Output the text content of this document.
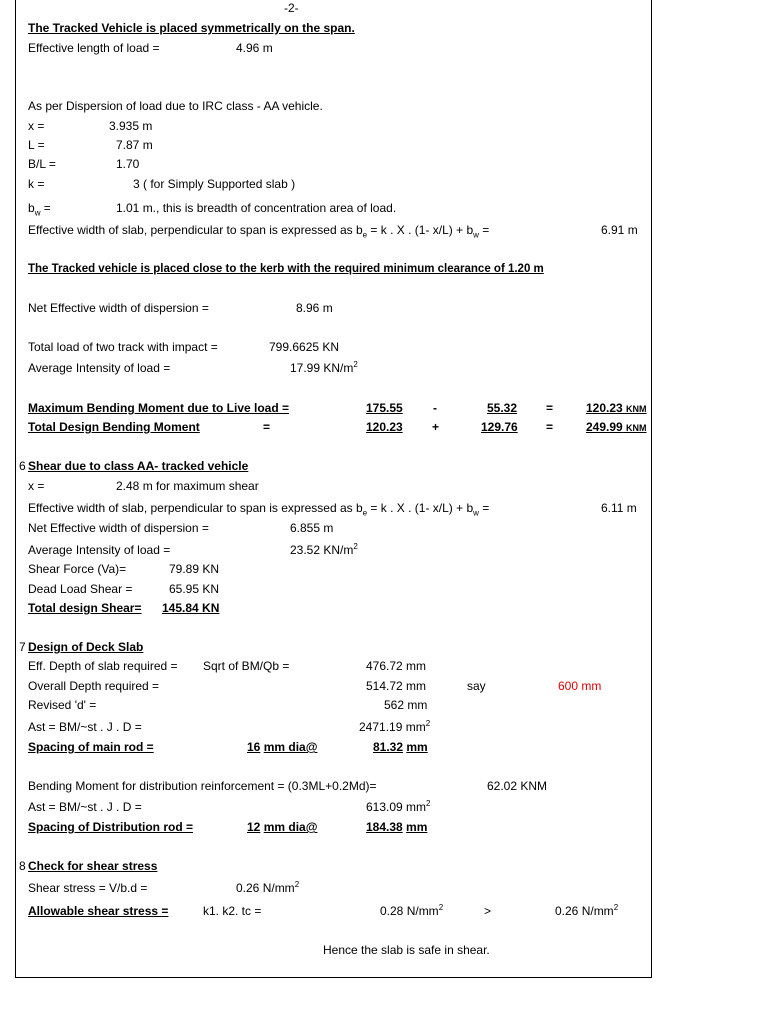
-2-
The Tracked Vehicle is placed symmetrically on the span.
Effective length of load =	4.96 m
As per Dispersion of load due to IRC class - AA vehicle.
x =	3.935 m
L =	7.87 m
B/L =	1.70
k =	3 ( for Simply Supported slab )
$b_w$ =	1.01 m., this is breadth of concentration area of load.
Effective width of slab, perpendicular to span is expressed as $b_e = k$ . X . (1- $x/L) + b_w$ =	6.91 m
The Tracked vehicle is placed close to the kerb with the required minimum clearance of 1.20 m
Net Effective width of dispersion =	8.96 m
Total load of two track with impact =	799.6625 KN
Average Intensity of load =	17.99 $KN/m^2$
Maximum Bending Moment due to Live load =	175.55	-	55.32 =	120.23 KNM
Total Design Bending Moment	=	120.23 +	129.76 =	249.99 KNM
6 Shear due to class AA- tracked vehicle
x =	2.48 m for maximum shear
Effective width of slab, perpendicular to span is expressed as $b_e = k$ . X . (1- $x/L) + b_w$ =	6.11 m
Net Effective width of dispersion =	6.855 m
Average Intensity of load =	23.52 $KN/m^2$
Shear Force (Va)=	79.89 KN
Dead Load Shear =	65.95 KN
Total design Shear= 145.84 KN
7 Design of Deck Slab
Eff. Depth of slab required = Sqrt of BM/Qb =	476.72 mm
Overall Depth required =	514.72 mm	say	600 mm
Revised 'd' =	562 mm
Ast = BM/~st . J . D =	2471.19 $mm^2$
Spacing of main rod =	16 mm dia@	81.32 mm
Bending Moment for distribution reinforcement = (0.3ML+0.2Md)=	62.02 KNM
Ast = BM/~st . J . D =	613.09 $mm^2$
Spacing of Distribution rod =	12 mm dia@	184.38 mm
8 Check for shear stress
Shear stress = V/b.d =	0.26 $N/mm^2$
Allowable shear stress =	k1. k2. tc =	0.28 $N/mm^2$	>	0.26 $N/mm^2$
Hence the slab is safe in shear.
